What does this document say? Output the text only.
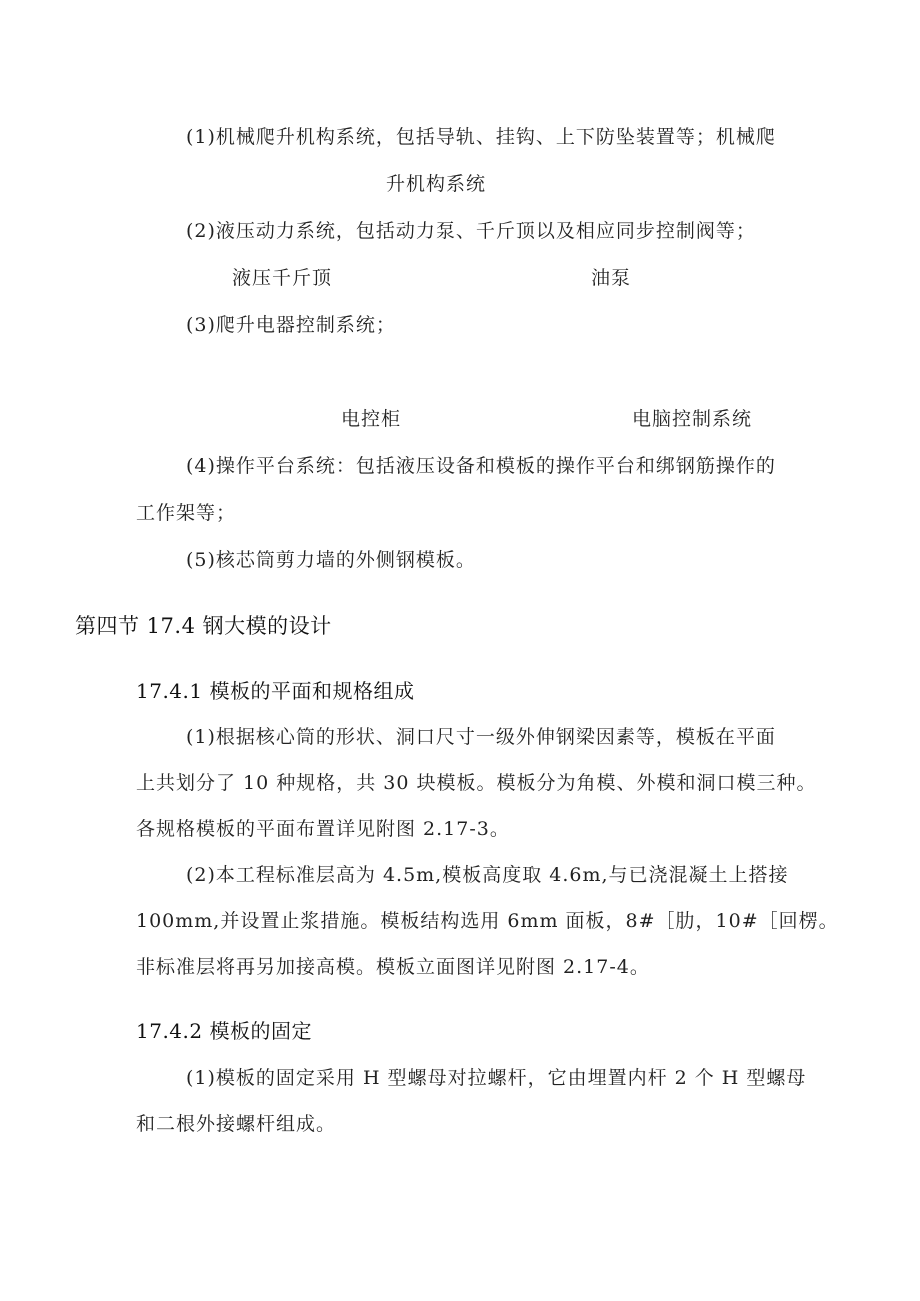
(1)机械爬升机构系统，包括导轨、挂钩、上下防坠装置等；机械爬
升机构系统
(2)液压动力系统，包括动力泵、千斤顶以及相应同步控制阀等；
液压千斤顶	油泵
(3)爬升电器控制系统；
电控柜	电脑控制系统
(4)操作平台系统：包括液压设备和模板的操作平台和绑钢筋操作的
工作架等；
(5)核芯筒剪力墙的外侧钢模板。
第四节 17.4 钢大模的设计
17.4.1 模板的平面和规格组成
(1)根据核心筒的形状、洞口尺寸一级外伸钢梁因素等，模板在平面
上共划分了 10 种规格，共 30 块模板。模板分为角模、外模和洞口模三种。
各规格模板的平面布置详见附图 2.17-3。
(2)本工程标准层高为 4.5m,模板高度取 4.6m,与已浇混凝土上搭接
100mm,并设置止浆措施。模板结构选用 6mm 面板，8#［肋，10#［回楞。
非标准层将再另加接高模。模板立面图详见附图 2.17-4。
17.4.2 模板的固定
(1)模板的固定采用 H 型螺母对拉螺杆，它由埋置内杆 2 个 H 型螺母
和二根外接螺杆组成。
